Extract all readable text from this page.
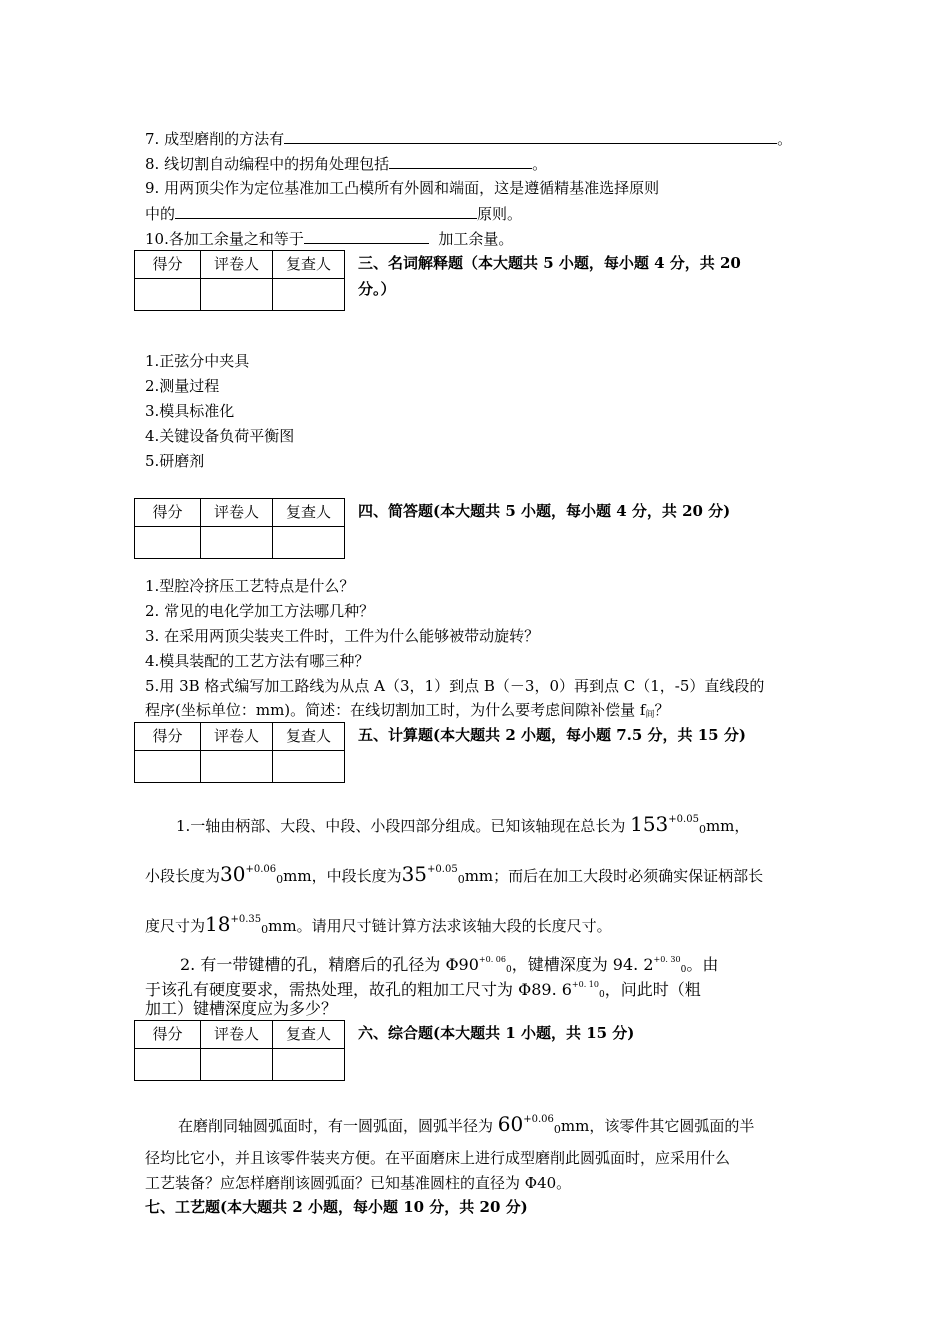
7. 成型磨削的方法有	。
8. 线切割自动编程中的拐角处理包括	。
9. 用两顶尖作为定位基准加工凸模所有外圆和端面，这是遵循精基准选择原则
中的	原则。
10.各加工余量之和等于	加工余量。
得分	评卷人	复查人
		三、名词解释题（本大题共 5 小题，每小题 4 分，共 20
分。）
1.正弦分中夹具
2.测量过程
3.模具标准化
4.关键设备负荷平衡图
5.研磨剂
得分	评卷人	复查人
		四、简答题(本大题共 5 小题，每小题 4 分，共 20 分)
1.型腔冷挤压工艺特点是什么？
2. 常见的电化学加工方法哪几种？
3. 在采用两顶尖装夹工件时，工件为什么能够被带动旋转？
4.模具装配的工艺方法有哪三种？
5.用 3B 格式编写加工路线为从点 A（3，1）到点 B（－3，0）再到点 C（1，-5）直线段的
程序(坐标单位：mm)。简述：在线切割加工时，为什么要考虑间隙补偿量 f间？
得分	评卷人	复查人
		五、计算题(本大题共 2 小题，每小题 7.5 分，共 15 分)
1.一轴由柄部、大段、中段、小段四部分组成。已知该轴现在总长为 $153^{+0.05}0mm$，
小段长度为$30^{+0.06}0mm$，中段长度为$35^{+0.05}0mm$；而后在加工大段时必须确实保证柄部长
度尺寸为$18^{+0.35}0mm$。请用尺寸链计算方法求该轴大段的长度尺寸。
2. 有一带键槽的孔，精磨后的孔径为 $\Phi 90^{+0. 06}0$，键槽深度为 94. $2^{+0. 30}0$。由
于该孔有硬度要求，需热处理，故孔的粗加工尺寸为 Φ89. $6^{+0. 10}0$，问此时（粗
加工）键槽深度应为多少？
得分	评卷人	复查人
		六、综合题(本大题共 1 小题，共 15 分)
在磨削同轴圆弧面时，有一圆弧面，圆弧半径为 $60^{+0.06}0mm$，该零件其它圆弧面的半
径均比它小，并且该零件装夹方便。在平面磨床上进行成型磨削此圆弧面时，应采用什么
工艺装备？应怎样磨削该圆弧面？已知基准圆柱的直径为 Φ40。
七、工艺题(本大题共 2 小题，每小题 10 分，共 20 分)
